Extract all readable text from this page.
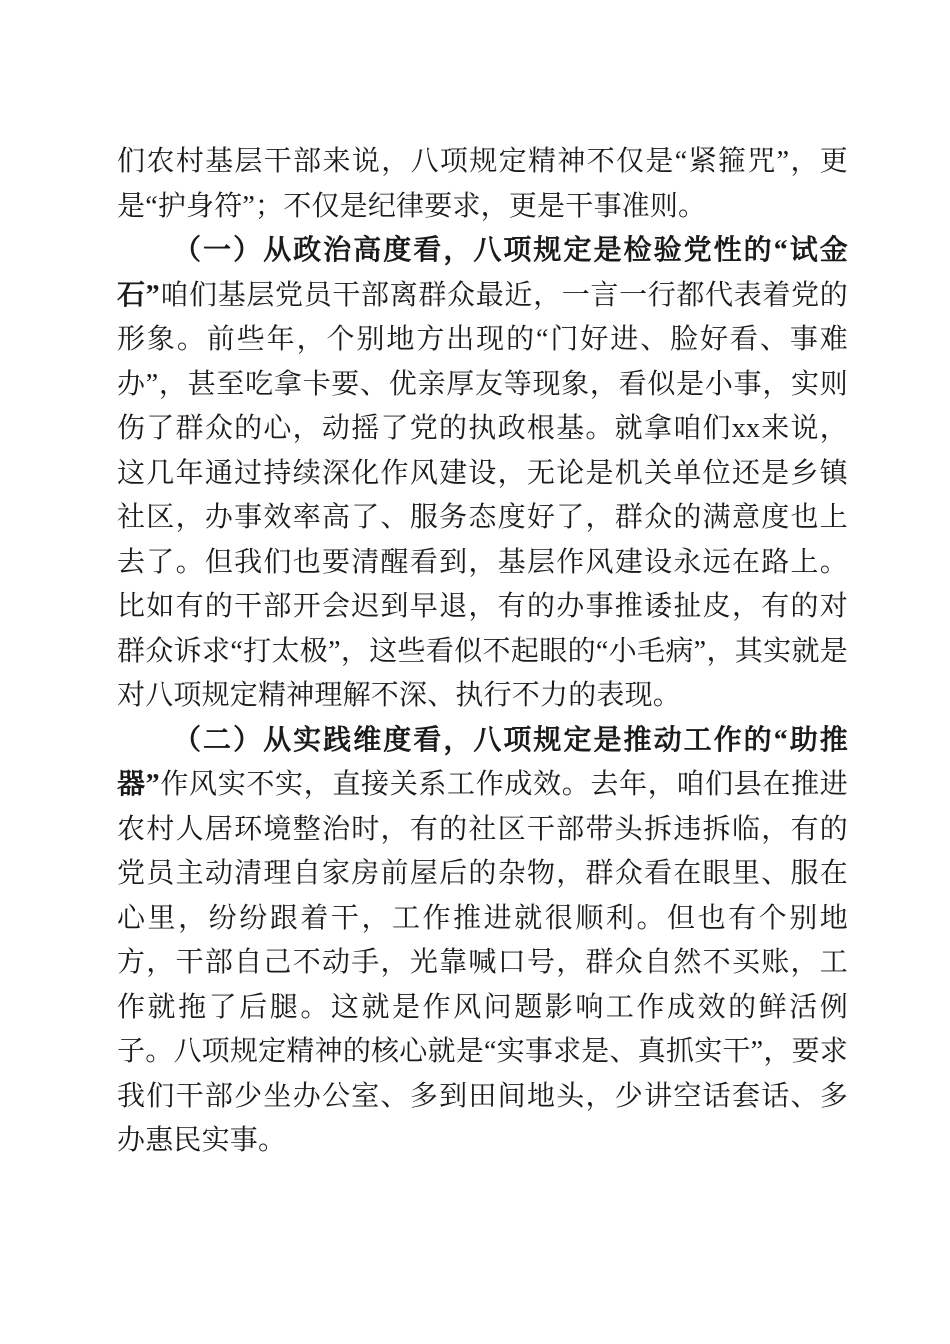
们农村基层干部来说，八项规定精神不仅是“紧箍咒”，更是“护身符”；不仅是纪律要求，更是干事准则。

（一）从政治高度看，八项规定是检验党性的“试金石”咱们基层党员干部离群众最近，一言一行都代表着党的形象。前些年，个别地方出现的“门好进、脸好看、事难办”，甚至吃拿卡要、优亲厚友等现象，看似是小事，实则伤了群众的心，动摇了党的执政根基。就拿咱们xx来说，这几年通过持续深化作风建设，无论是机关单位还是乡镇社区，办事效率高了、服务态度好了，群众的满意度也上去了。但我们也要清醒看到，基层作风建设永远在路上。比如有的干部开会迟到早退，有的办事推诿扯皮，有的对群众诉求“打太极”，这些看似不起眼的“小毛病”，其实就是对八项规定精神理解不深、执行不力的表现。

（二）从实践维度看，八项规定是推动工作的“助推器”作风实不实，直接关系工作成效。去年，咱们县在推进农村人居环境整治时，有的社区干部带头拆违拆临，有的党员主动清理自家房前屋后的杂物，群众看在眼里、服在心里，纷纷跟着干，工作推进就很顺利。但也有个别地方，干部自己不动手，光靠喊口号，群众自然不买账，工作就拖了后腿。这就是作风问题影响工作成效的鲜活例子。八项规定精神的核心就是“实事求是、真抓实干”，要求我们干部少坐办公室、多到田间地头，少讲空话套话、多办惠民实事。
